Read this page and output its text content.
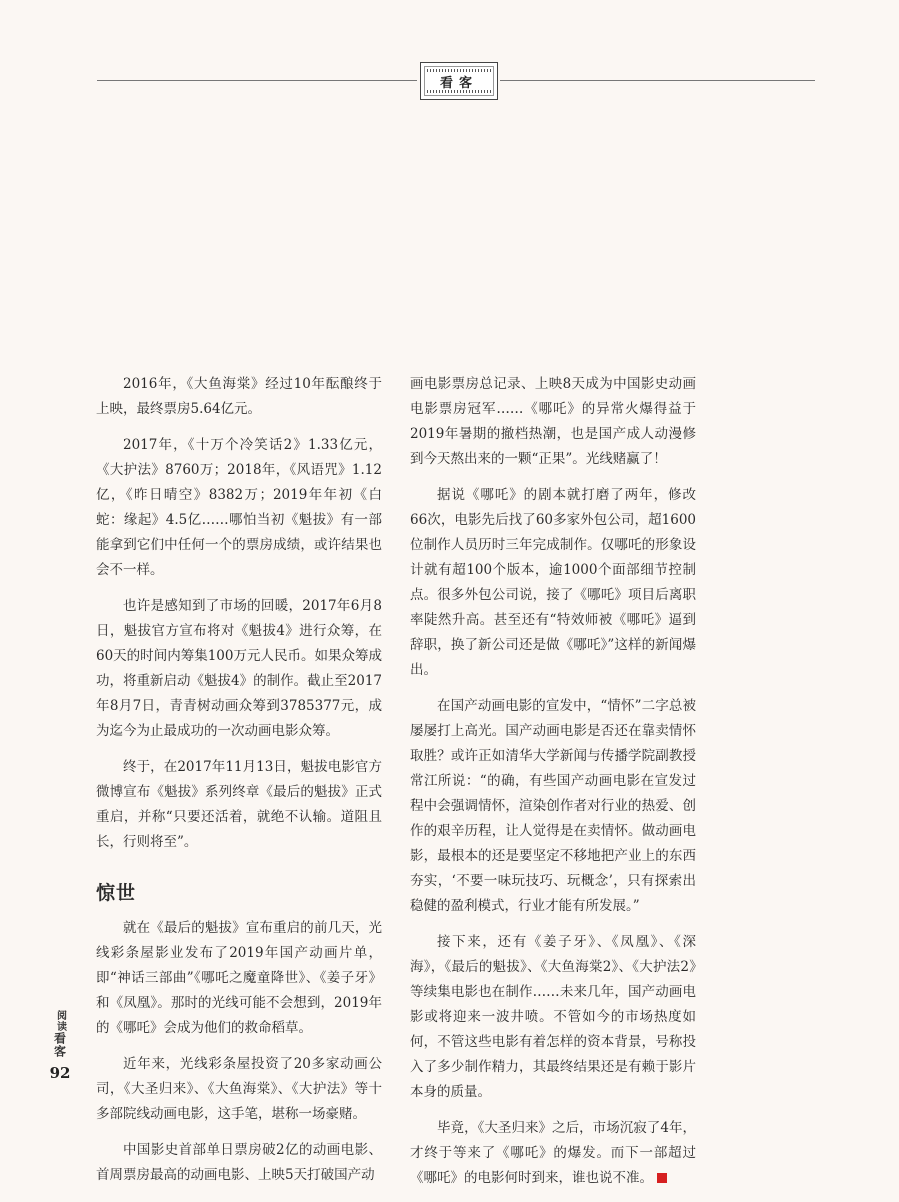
看客

2016年，《大鱼海棠》经过10年酝酿终于上映，最终票房5.64亿元。

2017年，《十万个冷笑话2》1.33亿元，《大护法》8760万；2018年，《风语咒》1.12亿，《昨日晴空》8382万；2019年年初《白蛇：缘起》4.5亿……哪怕当初《魁拔》有一部能拿到它们中任何一个的票房成绩，或许结果也会不一样。

也许是感知到了市场的回暖，2017年6月8日，魁拔官方宣布将对《魁拔4》进行众筹，在60天的时间内筹集100万元人民币。如果众筹成功，将重新启动《魁拔4》的制作。截止至2017年8月7日，青青树动画众筹到3785377元，成为迄今为止最成功的一次动画电影众筹。

终于，在2017年11月13日，魁拔电影官方微博宣布《魁拔》系列终章《最后的魁拔》正式重启，并称“只要还活着，就绝不认输。道阻且长，行则将至”。

惊世

就在《最后的魁拔》宣布重启的前几天，光线彩条屋影业发布了2019年国产动画片单，即“神话三部曲”《哪吒之魔童降世》、《姜子牙》和《凤凰》。那时的光线可能不会想到，2019年的《哪吒》会成为他们的救命稻草。

近年来，光线彩条屋投资了20多家动画公司，《大圣归来》、《大鱼海棠》、《大护法》等十多部院线动画电影，这手笔，堪称一场豪赌。

中国影史首部单日票房破2亿的动画电影、首周票房最高的动画电影、上映5天打破国产动

画电影票房总记录、上映8天成为中国影史动画电影票房冠军……《哪吒》的异常火爆得益于2019年暑期的撤档热潮，也是国产成人动漫修到今天熬出来的一颗“正果”。光线赌赢了！

据说《哪吒》的剧本就打磨了两年，修改66次，电影先后找了60多家外包公司，超1600位制作人员历时三年完成制作。仅哪吒的形象设计就有超100个版本，逾1000个面部细节控制点。很多外包公司说，接了《哪吒》项目后离职率陡然升高。甚至还有“特效师被《哪吒》逼到辞职，换了新公司还是做《哪吒》”这样的新闻爆出。

在国产动画电影的宣发中，“情怀”二字总被屡屡打上高光。国产动画电影是否还在靠卖情怀取胜？或许正如清华大学新闻与传播学院副教授常江所说：“的确，有些国产动画电影在宣发过程中会强调情怀，渲染创作者对行业的热爱、创作的艰辛历程，让人觉得是在卖情怀。做动画电影，最根本的还是要坚定不移地把产业上的东西夯实，‘不要一味玩技巧、玩概念’，只有探索出稳健的盈利模式，行业才能有所发展。”

接下来，还有《姜子牙》、《凤凰》、《深海》，《最后的魁拔》、《大鱼海棠2》、《大护法2》等续集电影也在制作……未来几年，国产动画电影或将迎来一波井喷。不管如今的市场热度如何，不管这些电影有着怎样的资本背景，号称投入了多少制作精力，其最终结果还是有赖于影片本身的质量。

毕竟，《大圣归来》之后，市场沉寂了4年，才终于等来了《哪吒》的爆发。而下一部超过《哪吒》的电影何时到来，谁也说不准。

阅读
看客
92
